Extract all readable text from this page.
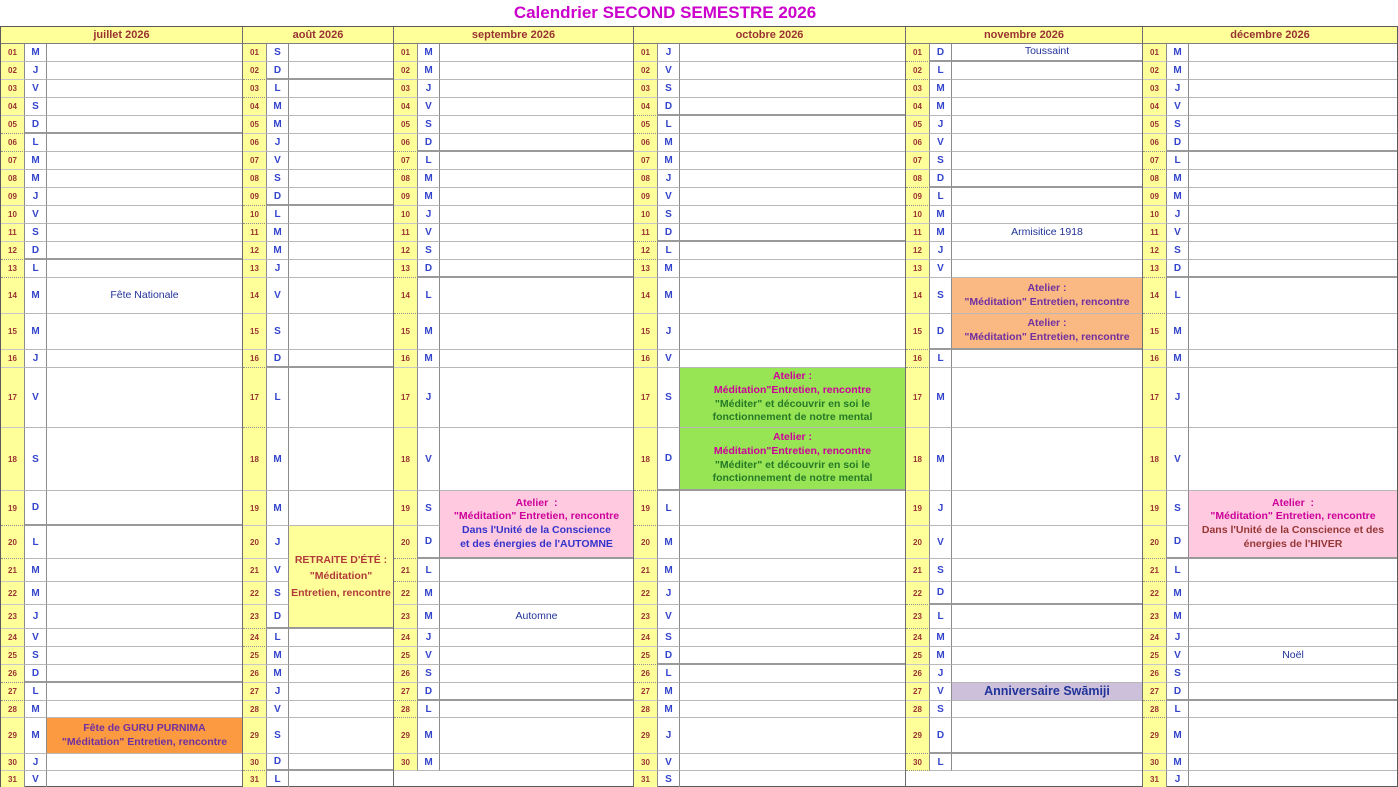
Calendrier SECOND SEMESTRE 2026
juillet 2026
01	M
02	J
03	V
04	S
05	D
06	L
07	M
08	M
09	J
10	V
11	S
12	D
13	L
14	M	Fête Nationale
15	M
16	J
17	V
18	S
19	D
20	L
21	M
22	M
23	J
24	V
25	S
26	D
27	L
28	M
29	M
Fête de GURU PURNIMA
"Méditation" Entretien, rencontre
30	J
31	V
août 2026
01	S
02	D
03	L
04	M
05	M
06	J
07	V
08	S
09	D
10	L
11	M
12	M
13	J
14	V
15	S
16	D
17	L
18	M
19	M
20	J
RETRAITE D'ÉTÉ :
"Méditation"
Entretien, rencontre
21	V
22	S
23	D
24	L
25	M
26	M
27	J
28	V
29	S
30	D
31	L
septembre 2026
01	M
02	M
03	J
04	V
05	S
06	D
07	L
08	M
09	M
10	J
11	V
12	S
13	D
14	L
15	M
16	M
17	J
18	V
19	S	Atelier  :
"Méditation" Entretien, rencontre
Dans l'Unité de la Conscience
et des énergies de l'AUTOMNE
20	D
21	L
22	M
23	M	Automne
24	J
25	V
26	S
27	D
28	L
29	M
30	M
octobre 2026
01	J
02	V
03	S
04	D
05	L
06	M
07	M
08	J
09	V
10	S
11	D
12	L
13	M
14	M
15	J
16	V
17	S
Atelier :
Méditation"Entretien, rencontre
"Méditer" et découvrir en soi le
fonctionnement de notre mental
18	D
Atelier :
Méditation"Entretien, rencontre
"Méditer" et découvrir en soi le
fonctionnement de notre mental
19	L
20	M
21	M
22	J
23	V
24	S
25	D
26	L
27	M
28	M
29	J
30	V
31	S
novembre 2026
01	D	Toussaint
02	L
03	M
04	M
05	J
06	V
07	S
08	D
09	L
10	M
11	M	Armisitice 1918
12	J
13	V
14	S
Atelier :
"Méditation" Entretien, rencontre
15	D
Atelier :
"Méditation" Entretien, rencontre
16	L
17	M
18	M
19	J
20	V
21	S
22	D
23	L
24	M
25	M
26	J
27	V	Anniversaire Swāmiji
28	S
29	D
30	L
décembre 2026
01	M
02	M
03	J
04	V
05	S
06	D
07	L
08	M
09	M
10	J
11	V
12	S
13	D
14	L
15	M
16	M
17	J
18	V
19	S	Atelier  :
"Méditation" Entretien, rencontre
Dans l'Unité de la Conscience et des
énergies de l'HIVER
20	D
21	L
22	M
23	M
24	J
25	V	Noël
26	S
27	D
28	L
29	M
30	M
31	J
